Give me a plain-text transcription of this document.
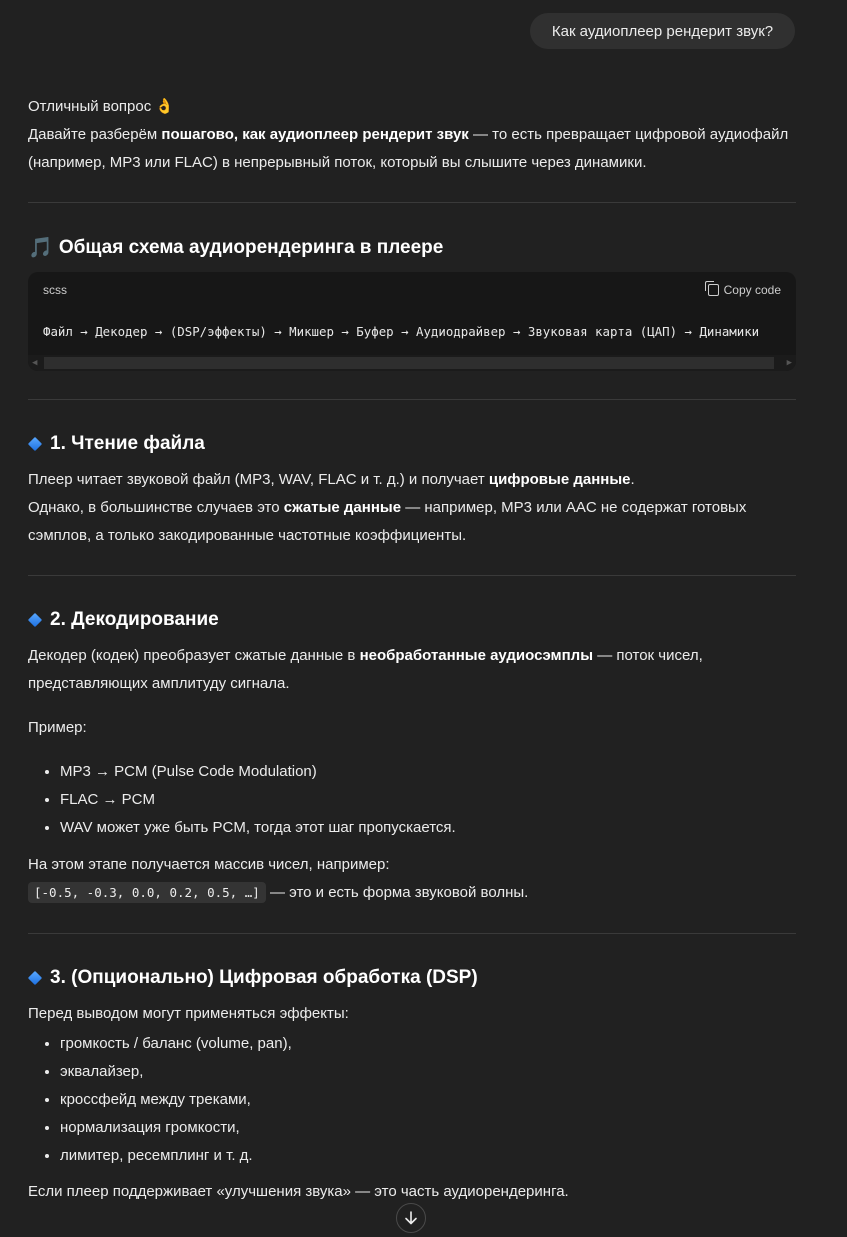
Как аудиоплеер рендерит звук?

Отличный вопрос 👌

Давайте разберём пошагово, как аудиоплеер рендерит звук — то есть превращает цифровой аудиофайл (например, MP3 или FLAC) в непрерывный поток, который вы слышите через динамики.

🎵 Общая схема аудиорендеринга в плеере
scss	Copy code
Файл → Декодер → (DSP/эффекты) → Микшер → Буфер → Аудиодрайвер → Звуковая карта (ЦАП) → Динамики
◀	▶
1. Чтение файла

Плеер читает звуковой файл (MP3, WAV, FLAC и т. д.) и получает цифровые данные.
Однако, в большинстве случаев это сжатые данные — например, MP3 или AAC не содержат готовых сэмплов, а только закодированные частотные коэффициенты.

2. Декодирование

Декодер (кодек) преобразует сжатые данные в необработанные аудиосэмплы — поток чисел, представляющих амплитуду сигнала.

Пример:

• MP3 → PCM (Pulse Code Modulation)
• FLAC → PCM
• WAV может уже быть PCM, тогда этот шаг пропускается.

На этом этапе получается массив чисел, например:
[-0.5, -0.3, 0.0, 0.2, 0.5, …] — это и есть форма звуковой волны.

3. (Опционально) Цифровая обработка (DSP)

Перед выводом могут применяться эффекты:

• громкость / баланс (volume, pan),
• эквалайзер,
• кроссфейд между треками,
• нормализация громкости,
• лимитер, ресемплинг и т. д.

Если плеер поддерживает «улучшения звука» — это часть аудиорендеринга.
